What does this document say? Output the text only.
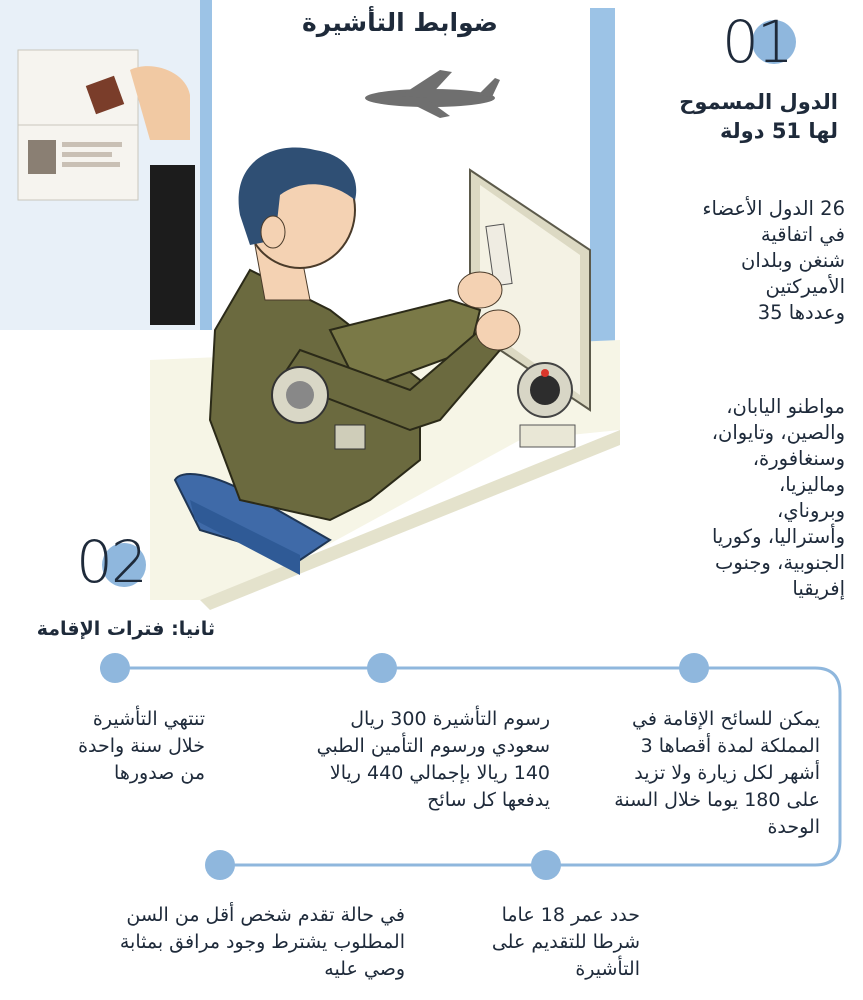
ضوابط التأشيرة	01
الدول المسموح
لها 51 دولة
26 الدول الأعضاء
في اتفاقية
شنغن وبلدان
الأميركتين
وعددها 35
مواطنو اليابان،
والصين، وتايوان،
وسنغافورة،
وماليزيا،
وبروناي،
وأستراليا، وكوريا
الجنوبية، وجنوب
إفريقيا
02
ثانيا: فترات الإقامة
يمكن للسائح الإقامة في
المملكة لمدة أقصاها 3
أشهر لكل زيارة ولا تزيد
على 180 يوما خلال السنة
الوحدة
رسوم التأشيرة 300 ريال
سعودي ورسوم التأمين الطبي
140 ريالا بإجمالي 440 ريالا
يدفعها كل سائح
تنتهي التأشيرة
خلال سنة واحدة
من صدورها
حدد عمر 18 عاما
شرطا للتقديم على
التأشيرة
في حالة تقدم شخص أقل من السن
المطلوب يشترط وجود مرافق بمثابة
وصي عليه
